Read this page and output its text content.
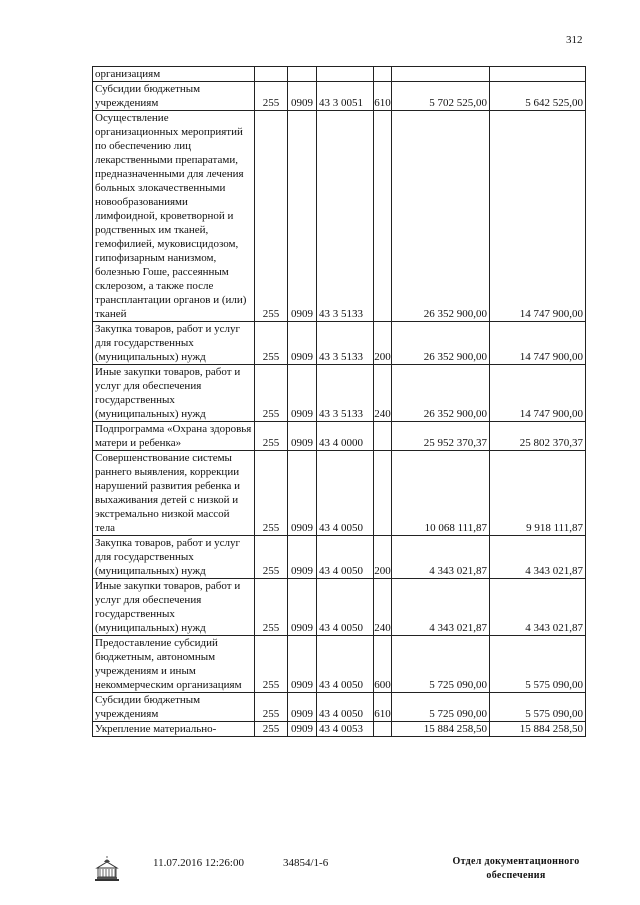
312
организациям						
Субсидии бюджетным учреждениям	255	0909	43 3 0051	610	5 702 525,00	5 642 525,00
Осуществление организационных мероприятий по обеспечению лиц лекарственными препаратами, предназначенными для лечения больных злокачественными новообразованиями лимфоидной, кроветворной и родственных им тканей, гемофилией, муковисцидозом, гипофизарным нанизмом, болезнью Гоше, рассеянным склерозом, а также после трансплантации органов и (или) тканей	255	0909	43 3 5133		26 352 900,00	14 747 900,00
Закупка товаров, работ и услуг для государственных (муниципальных) нужд	255	0909	43 3 5133	200	26 352 900,00	14 747 900,00
Иные закупки товаров, работ и услуг для обеспечения государственных (муниципальных) нужд	255	0909	43 3 5133	240	26 352 900,00	14 747 900,00
Подпрограмма «Охрана здоровья матери и ребенка»	255	0909	43 4 0000		25 952 370,37	25 802 370,37
Совершенствование системы раннего выявления, коррекции нарушений развития ребенка и выхаживания детей с низкой и экстремально низкой массой тела	255	0909	43 4 0050		10 068 111,87	9 918 111,87
Закупка товаров, работ и услуг для государственных (муниципальных) нужд	255	0909	43 4 0050	200	4 343 021,87	4 343 021,87
Иные закупки товаров, работ и услуг для обеспечения государственных (муниципальных) нужд	255	0909	43 4 0050	240	4 343 021,87	4 343 021,87
Предоставление субсидий бюджетным, автономным учреждениям и иным некоммерческим организациям	255	0909	43 4 0050	600	5 725 090,00	5 575 090,00
Субсидии бюджетным учреждениям	255	0909	43 4 0050	610	5 725 090,00	5 575 090,00
Укрепление материально-	255	0909	43 4 0053		15 884 258,50	15 884 258,50
11.07.2016 12:26:00	34854/1-6	Отдел документационного обеспечения
